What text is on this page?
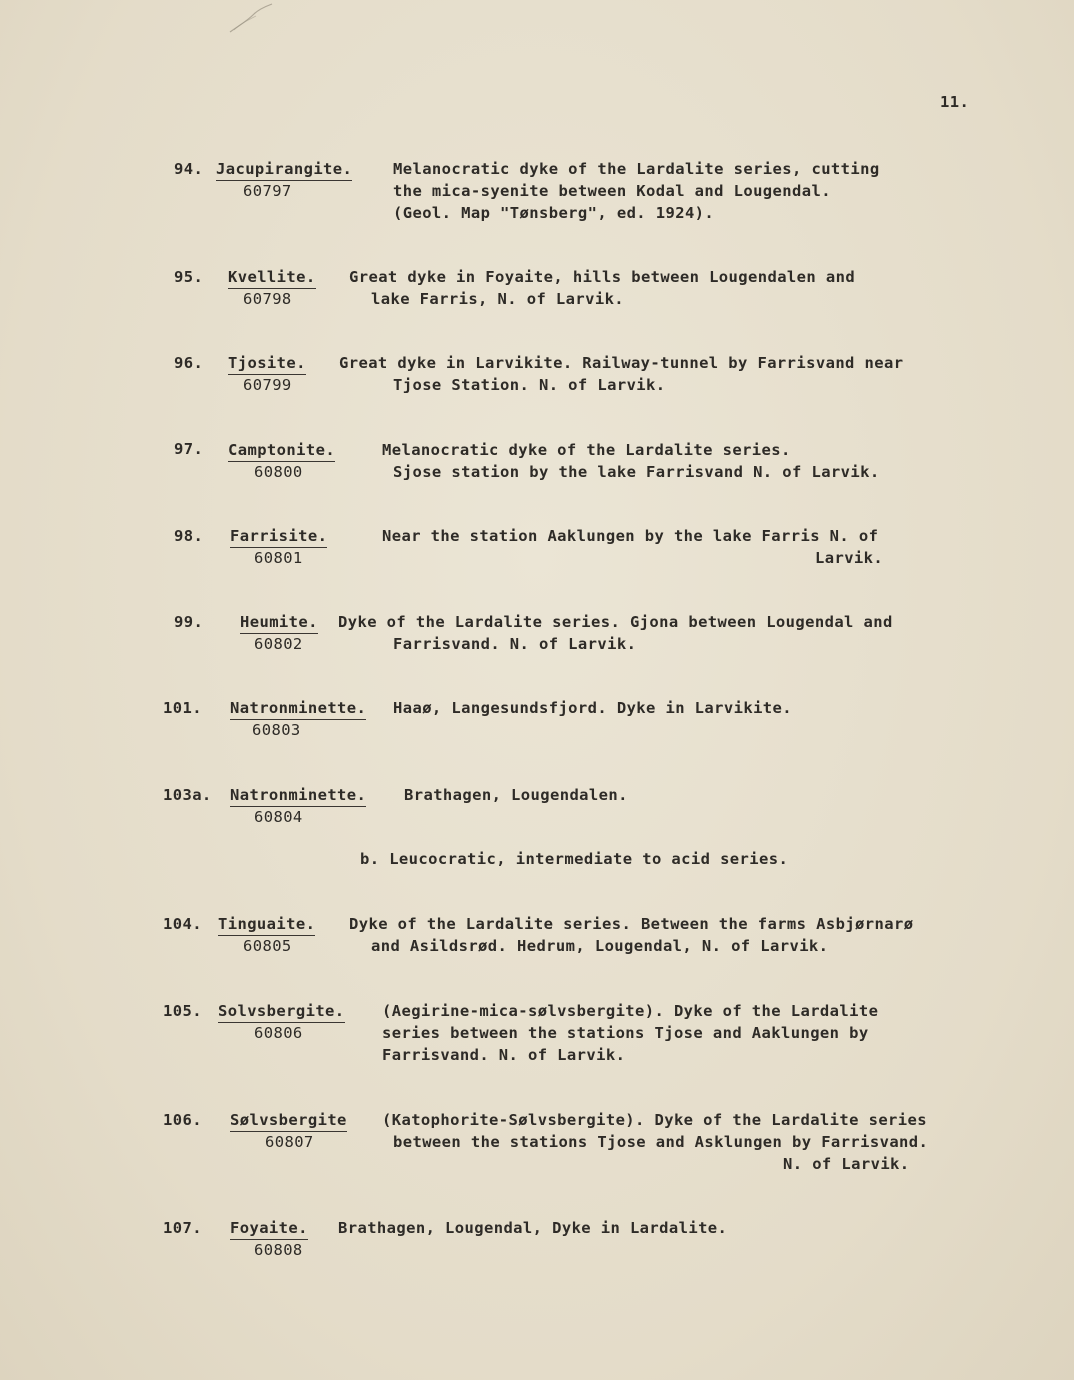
11.
94. Jacupirangite.
60797
Melanocratic dyke of the Lardalite series, cutting
the mica-syenite between Kodal and Lougendal.
(Geol. Map "Tønsberg", ed. 1924).
95. Kvellite.
60798
Great dyke in Foyaite, hills between Lougendalen and
lake Farris, N. of Larvik.
96. Tjosite.
60799
Great dyke in Larvikite. Railway-tunnel by Farrisvand near
Tjose Station. N. of Larvik.
97. Camptonite.
60800
Melanocratic dyke of the Lardalite series.
Sjose station by the lake Farrisvand N. of Larvik.
98. Farrisite.
60801
Near the station Aaklungen by the lake Farris N. of
Larvik.
99. Heumite.
60802
Dyke of the Lardalite series. Gjona between Lougendal and
Farrisvand. N. of Larvik.
101. Natronminette.
60803
Haaø, Langesundsfjord. Dyke in Larvikite.
103a. Natronminette.
60804
Brathagen, Lougendalen.
b. Leucocratic, intermediate to acid series.
104. Tinguaite.
60805
Dyke of the Lardalite series. Between the farms Asbjørnarø
and Asildsrød. Hedrum, Lougendal, N. of Larvik.
105. Solvsbergite.
60806
(Aegirine-mica-sølvsbergite). Dyke of the Lardalite
series between the stations Tjose and Aaklungen by
Farrisvand. N. of Larvik.
106. Sølvsbergite
60807
(Katophorite-Sølvsbergite). Dyke of the Lardalite series
between the stations Tjose and Asklungen by Farrisvand.
N. of Larvik.
107. Foyaite.
60808
Brathagen, Lougendal, Dyke in Lardalite.
